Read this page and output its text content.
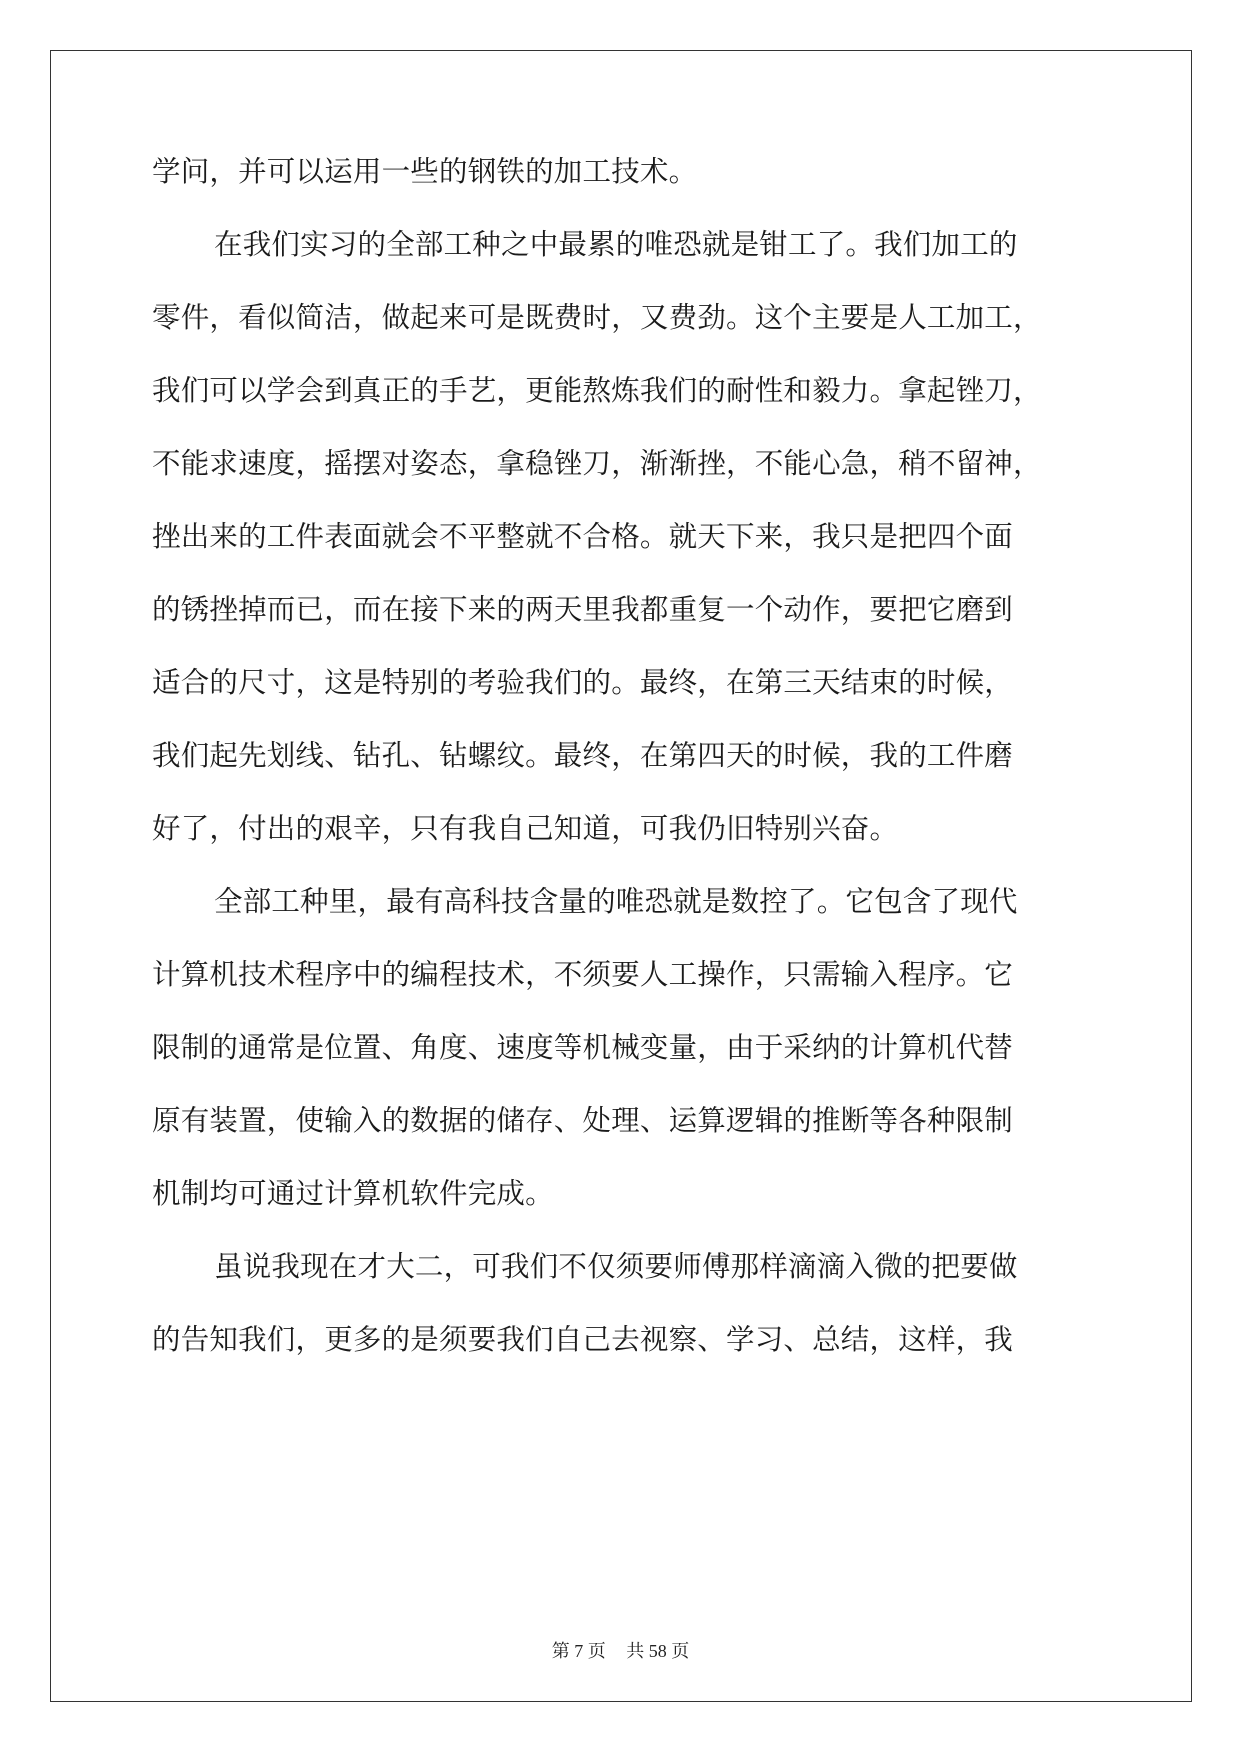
学问，并可以运用一些的钢铁的加工技术。
在我们实习的全部工种之中最累的唯恐就是钳工了。我们加工的
零件，看似简洁，做起来可是既费时，又费劲。这个主要是人工加工，
我们可以学会到真正的手艺，更能熬炼我们的耐性和毅力。拿起锉刀，
不能求速度，摇摆对姿态，拿稳锉刀，渐渐挫，不能心急，稍不留神，
挫出来的工件表面就会不平整就不合格。就天下来，我只是把四个面
的锈挫掉而已，而在接下来的两天里我都重复一个动作，要把它磨到
适合的尺寸，这是特别的考验我们的。最终，在第三天结束的时候，
我们起先划线、钻孔、钻螺纹。最终，在第四天的时候，我的工件磨
好了，付出的艰辛，只有我自己知道，可我仍旧特别兴奋。
全部工种里，最有高科技含量的唯恐就是数控了。它包含了现代
计算机技术程序中的编程技术，不须要人工操作，只需输入程序。它
限制的通常是位置、角度、速度等机械变量，由于采纳的计算机代替
原有装置，使输入的数据的储存、处理、运算逻辑的推断等各种限制
机制均可通过计算机软件完成。
虽说我现在才大二，可我们不仅须要师傅那样滴滴入微的把要做
的告知我们，更多的是须要我们自己去视察、学习、总结，这样，我
第 7 页 共 58 页
